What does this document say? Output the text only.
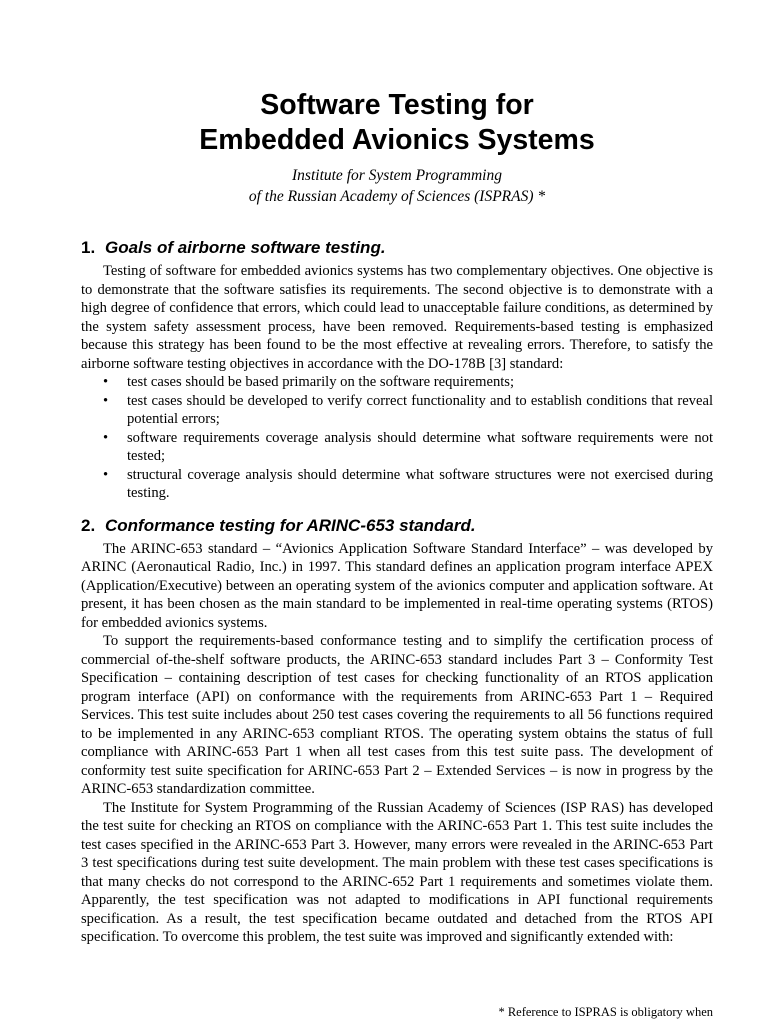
Software Testing for
Embedded Avionics Systems
Institute for System Programming
of the Russian Academy of Sciences (ISPRAS) *
1. Goals of airborne software testing.

Testing of software for embedded avionics systems has two complementary objectives. One objective is to demonstrate that the software satisfies its requirements. The second objective is to demonstrate with a high degree of confidence that errors, which could lead to unacceptable failure conditions, as determined by the system safety assessment process, have been removed. Requirements-based testing is emphasized because this strategy has been found to be the most effective at revealing errors. Therefore, to satisfy the airborne software testing objectives in accordance with the DO-178B [3] standard:

• test cases should be based primarily on the software requirements;
• test cases should be developed to verify correct functionality and to establish conditions that reveal potential errors;
• software requirements coverage analysis should determine what software requirements were not tested;
• structural coverage analysis should determine what software structures were not exercised during testing.
2. Conformance testing for ARINC-653 standard.

The ARINC-653 standard – “Avionics Application Software Standard Interface” – was developed by ARINC (Aeronautical Radio, Inc.) in 1997. This standard defines an application program interface APEX (Application/Executive) between an operating system of the avionics computer and application software. At present, it has been chosen as the main standard to be implemented in real-time operating systems (RTOS) for embedded avionics systems.

To support the requirements-based conformance testing and to simplify the certification process of commercial of-the-shelf software products, the ARINC-653 standard includes Part 3 – Conformity Test Specification – containing description of test cases for checking functionality of an RTOS application program interface (API) on conformance with the requirements from ARINC-653 Part 1 – Required Services. This test suite includes about 250 test cases covering the requirements to all 56 functions required to be implemented in any ARINC-653 compliant RTOS. The operating system obtains the status of full compliance with ARINC-653 Part 1 when all test cases from this test suite pass. The development of conformity test suite specification for ARINC-653 Part 2 – Extended Services – is now in progress by the ARINC-653 standardization committee.

The Institute for System Programming of the Russian Academy of Sciences (ISP RAS) has developed the test suite for checking an RTOS on compliance with the ARINC-653 Part 1. This test suite includes the test cases specified in the ARINC-653 Part 3. However, many errors were revealed in the ARINC-653 Part 3 test specifications during test suite development. The main problem with these test cases specifications is that many checks do not correspond to the ARINC-652 Part 1 requirements and sometimes violate them. Apparently, the test specification was not adapted to modifications in API functional requirements specification. As a result, the test specification became outdated and detached from the RTOS API specification. To overcome this problem, the test suite was improved and significantly extended with:

* Reference to ISPRAS is obligatory when
